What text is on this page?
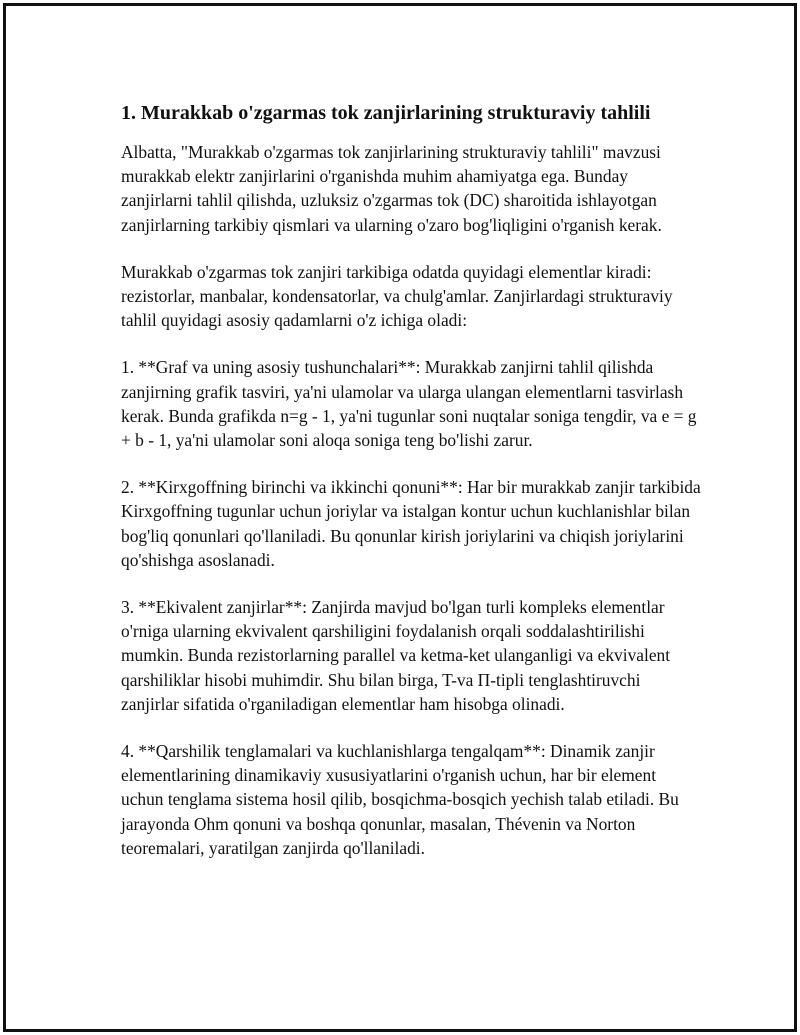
1. Murakkab o'zgarmas tok zanjirlarining strukturaviy tahlili

Albatta, "Murakkab o'zgarmas tok zanjirlarining strukturaviy tahlili" mavzusi murakkab elektr zanjirlarini o'rganishda muhim ahamiyatga ega. Bunday zanjirlarni tahlil qilishda, uzluksiz o'zgarmas tok (DC) sharoitida ishlayotgan zanjirlarning tarkibiy qismlari va ularning o'zaro bog'liqligini o'rganish kerak.

Murakkab o'zgarmas tok zanjiri tarkibiga odatda quyidagi elementlar kiradi: rezistorlar, manbalar, kondensatorlar, va chulg'amlar. Zanjirlardagi strukturaviy tahlil quyidagi asosiy qadamlarni o'z ichiga oladi:

1. **Graf va uning asosiy tushunchalari**: Murakkab zanjirni tahlil qilishda zanjirning grafik tasviri, ya'ni ulamolar va ularga ulangan elementlarni tasvirlash kerak. Bunda grafikda n=g - 1, ya'ni tugunlar soni nuqtalar soniga tengdir, va e = g + b - 1, ya'ni ulamolar soni aloqa soniga teng bo'lishi zarur.

2. **Kirxgoffning birinchi va ikkinchi qonuni**: Har bir murakkab zanjir tarkibida Kirxgoffning tugunlar uchun joriylar va istalgan kontur uchun kuchlanishlar bilan bog'liq qonunlari qo'llaniladi. Bu qonunlar kirish joriylarini va chiqish joriylarini qo'shishga asoslanadi.

3. **Ekivalent zanjirlar**: Zanjirda mavjud bo'lgan turli kompleks elementlar o'rniga ularning ekvivalent qarshiligini foydalanish orqali soddalashtirilishi mumkin. Bunda rezistorlarning parallel va ketma-ket ulanganligi va ekvivalent qarshiliklar hisobi muhimdir. Shu bilan birga, T-va Π-tipli tenglashtiruvchi zanjirlar sifatida o'rganiladigan elementlar ham hisobga olinadi.

4. **Qarshilik tenglamalari va kuchlanishlarga tengalqam**: Dinamik zanjir elementlarining dinamikaviy xususiyatlarini o'rganish uchun, har bir element uchun tenglama sistema hosil qilib, bosqichma-bosqich yechish talab etiladi. Bu jarayonda Ohm qonuni va boshqa qonunlar, masalan, Thévenin va Norton teoremalari, yaratilgan zanjirda qo'llaniladi.
